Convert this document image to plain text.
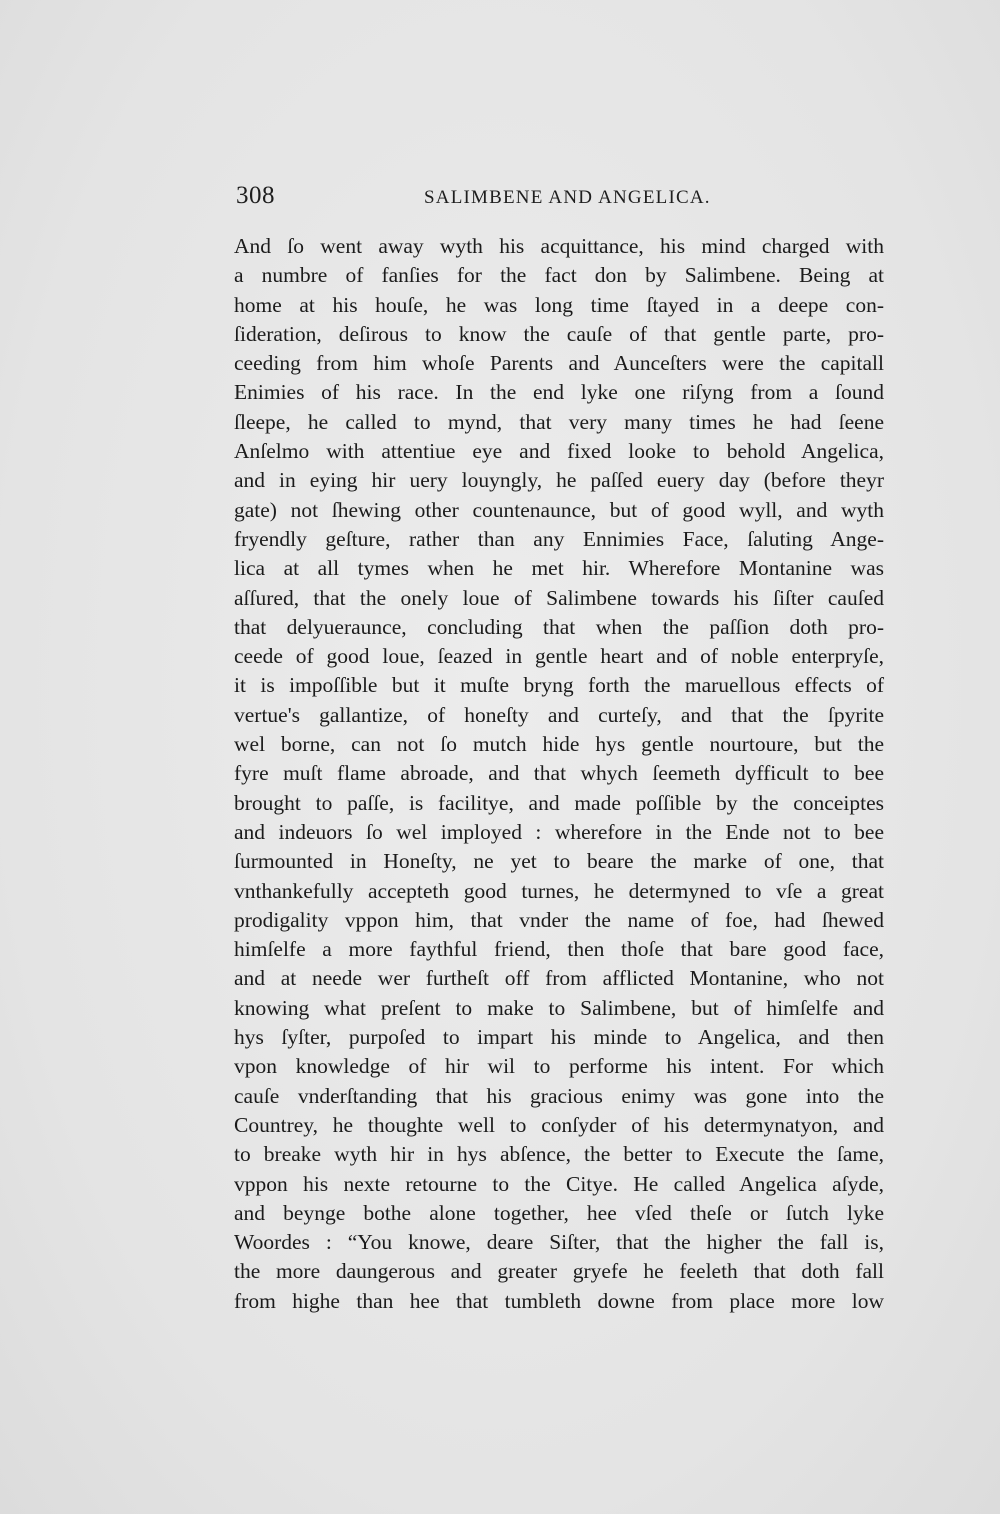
308	SALIMBENE AND ANGELICA.
And ſo went away wyth his acquittance, his mind charged with
a numbre of fanſies for the fact don by Salimbene. Being at
home at his houſe, he was long time ſtayed in a deepe con-
ſideration, deſirous to know the cauſe of that gentle parte, pro-
ceeding from him whoſe Parents and Aunceſters were the capitall
Enimies of his race. In the end lyke one riſyng from a ſound
ſleepe, he called to mynd, that very many times he had ſeene
Anſelmo with attentiue eye and fixed looke to behold Angelica,
and in eying hir uery louyngly, he paſſed euery day (before theyr
gate) not ſhewing other countenaunce, but of good wyll, and wyth
fryendly geſture, rather than any Ennimies Face, ſaluting Ange-
lica at all tymes when he met hir. Wherefore Montanine was
aſſured, that the onely loue of Salimbene towards his ſiſter cauſed
that delyueraunce, concluding that when the paſſion doth pro-
ceede of good loue, ſeazed in gentle heart and of noble enterpryſe,
it is impoſſible but it muſte bryng forth the maruellous effects of
vertue's gallantize, of honeſty and curteſy, and that the ſpyrite
wel borne, can not ſo mutch hide hys gentle nourtoure, but the
fyre muſt flame abroade, and that whych ſeemeth dyfficult to bee
brought to paſſe, is facilitye, and made poſſible by the conceiptes
and indeuors ſo wel imployed : wherefore in the Ende not to bee
ſurmounted in Honeſty, ne yet to beare the marke of one, that
vnthankefully accepteth good turnes, he determyned to vſe a great
prodigality vppon him, that vnder the name of foe, had ſhewed
himſelfe a more faythful friend, then thoſe that bare good face,
and at neede wer furtheſt off from afflicted Montanine, who not
knowing what preſent to make to Salimbene, but of himſelfe and
hys ſyſter, purpoſed to impart his minde to Angelica, and then
vpon knowledge of hir wil to performe his intent. For which
cauſe vnderſtanding that his gracious enimy was gone into the
Countrey, he thoughte well to conſyder of his determynatyon, and
to breake wyth hir in hys abſence, the better to Execute the ſame,
vppon his nexte retourne to the Citye. He called Angelica aſyde,
and beynge bothe alone together, hee vſed theſe or ſutch lyke
Woordes : “You knowe, deare Siſter, that the higher the fall is,
the more daungerous and greater gryefe he feeleth that doth fall
from highe than hee that tumbleth downe from place more low
